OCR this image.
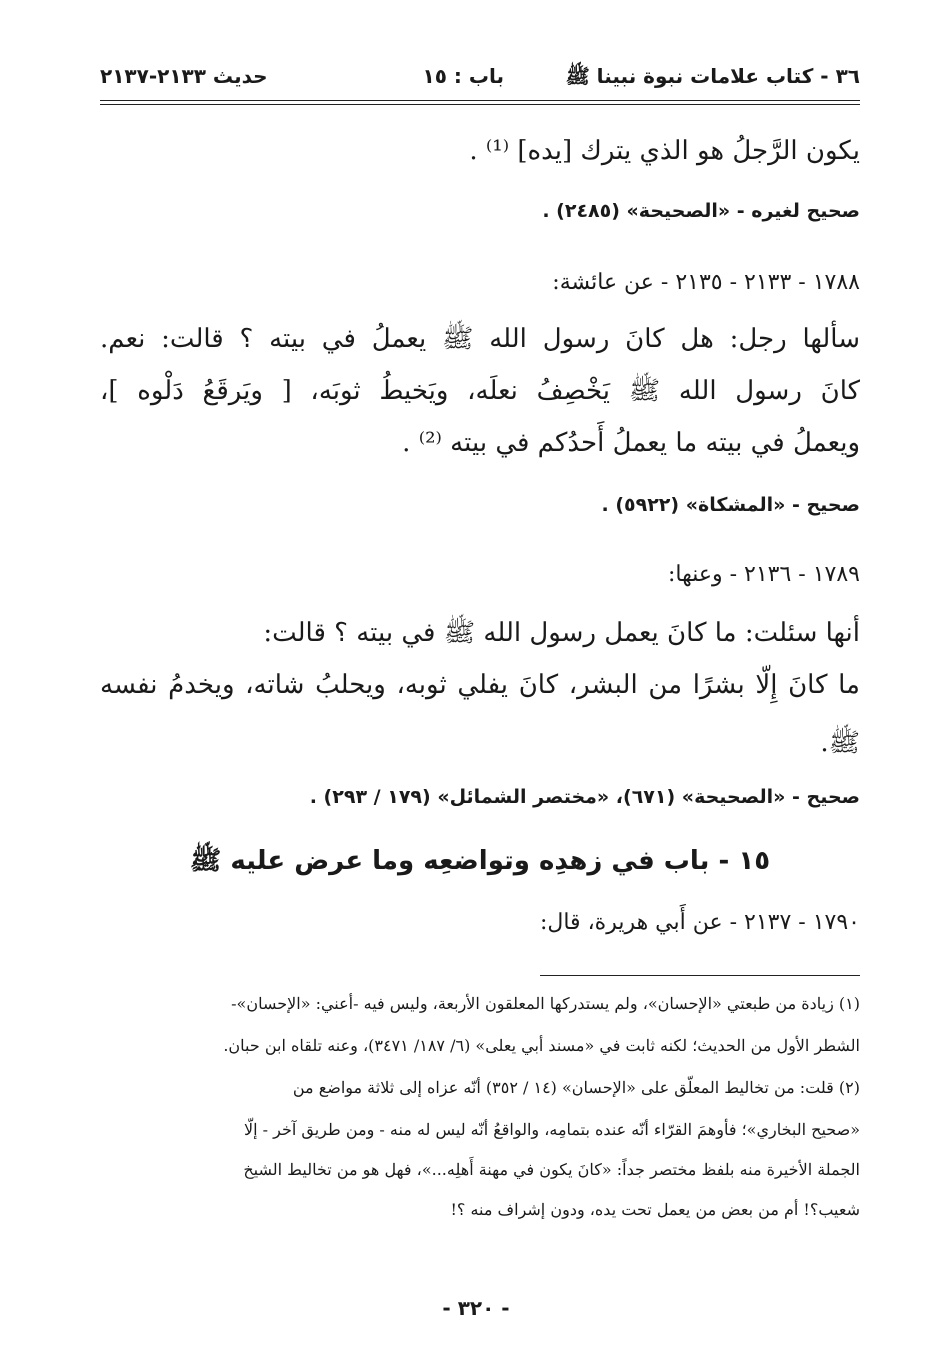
٣٦ - كتاب علامات نبوة نبينا ﷺ
باب : ١٥
حديث ٢١٣٣-٢١٣٧
يكون الرَّجلُ هو الذي يترك [يده] ⁽¹⁾ .
صحيح لغيره - «الصحيحة» (٢٤٨٥) .
١٧٨٨ - ٢١٣٣ - ٢١٣٥ - عن عائشة:
سألها رجل: هل كانَ رسول الله ﷺ يعملُ في بيته ؟ قالت: نعم.
كانَ رسول الله ﷺ يَخْصِفُ نعلَه، ويَخيطُ ثوبَه، [ ويَرقَعُ دَلْوه ]،
ويعملُ في بيته ما يعملُ أَحدُكم في بيته ⁽²⁾ .
صحيح - «المشكاة» (٥٩٢٢) .
١٧٨٩ - ٢١٣٦ - وعنها:
أنها سئلت: ما كانَ يعمل رسول الله ﷺ في بيته ؟ قالت:
ما كانَ إِلّا بشرًا من البشر، كانَ يفلي ثوبه، ويحلبُ شاته، ويخدمُ نفسه
ﷺ.
صحيح - «الصحيحة» (٦٧١)، «مختصر الشمائل» (١٧٩ / ٢٩٣) .
١٥ - باب في زهدِه وتواضعِه وما عرض عليه ﷺ
١٧٩٠ - ٢١٣٧ - عن أَبي هريرة، قال:
(١) زيادة من طبعتي «الإحسان»، ولم يستدركها المعلقون الأربعة، وليس فيه -أعني: «الإحسان»-
الشطر الأول من الحديث؛ لكنه ثابت في «مسند أبي يعلى» (٦/ ١٨٧/ ٣٤٧١)، وعنه تلقاه ابن حبان.
(٢) قلت: من تخاليط المعلّق على «الإحسان» (١٤ / ٣٥٢) أنّه عزاه إلى ثلاثة مواضع من
«صحيح البخاري»؛ فأوهمَ القرّاء أنّه عنده بتمامِه، والواقعُ أنّه ليس له منه - ومن طريق آخر - إلّا
الجملة الأخيرة منه بلفظ مختصر جداً: «كانَ يكون في مهنة أَهلِه...»، فهل هو من تخاليط الشيخ
شعيب؟! أم من بعض من يعمل تحت يده، ودون إشراف منه ؟!
- ٣٢٠ -
